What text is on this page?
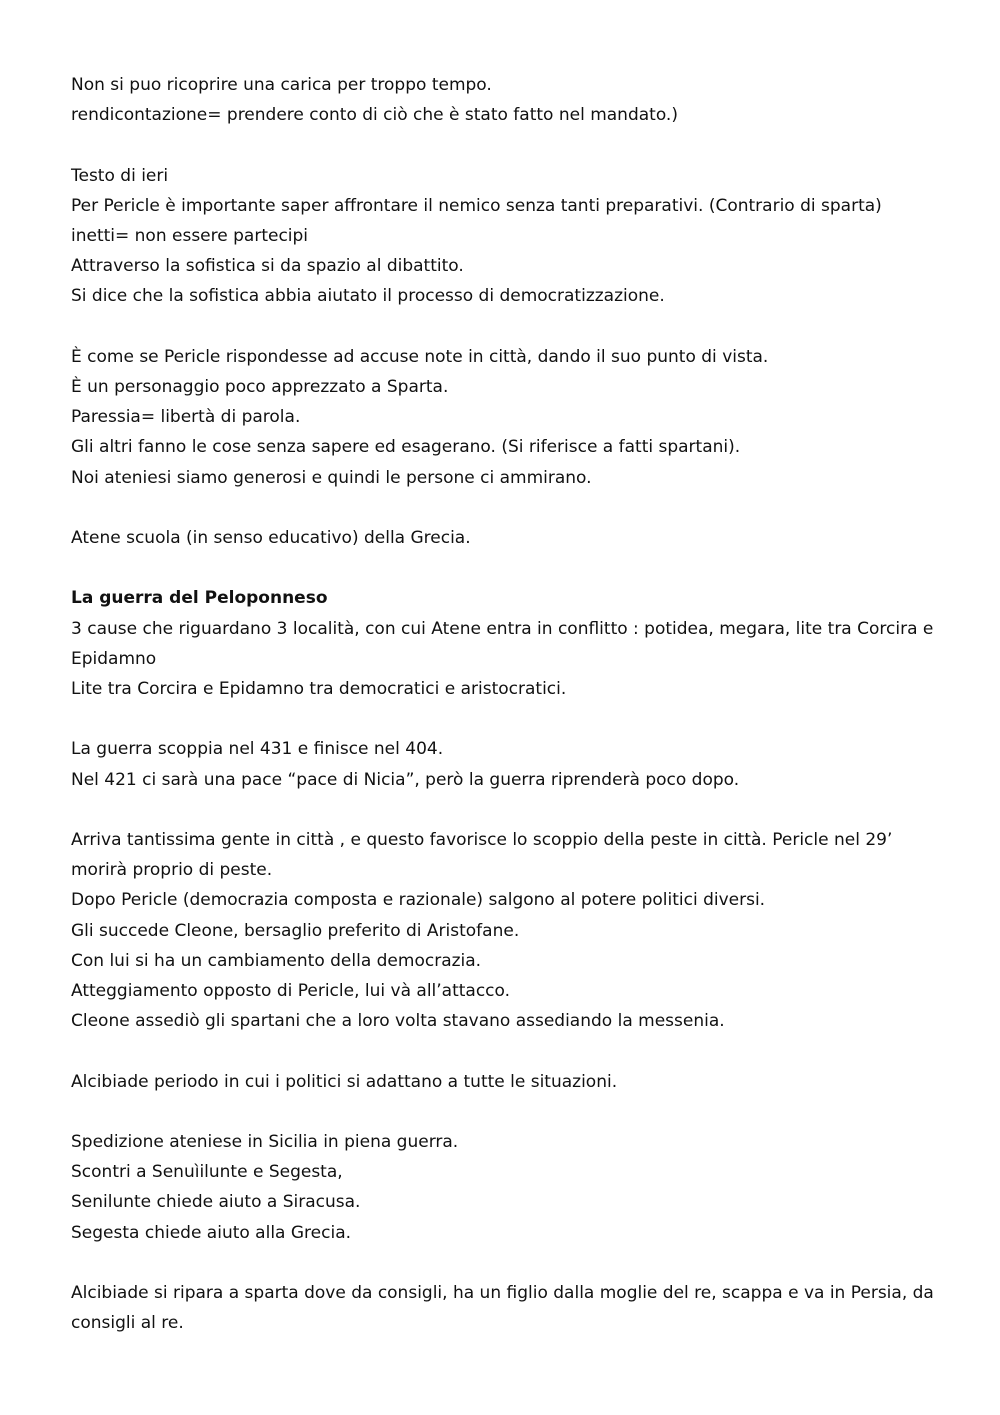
Non si puo ricoprire una carica per troppo tempo.
rendicontazione= prendere conto di ciò che è stato fatto nel mandato.)
Testo di ieri
Per Pericle è importante saper affrontare il nemico senza tanti preparativi. (Contrario di sparta)
inetti= non essere partecipi
Attraverso la sofistica si da spazio al dibattito.
Si dice che la sofistica abbia aiutato il processo di democratizzazione.
È come se Pericle rispondesse ad accuse note in città, dando il suo punto di vista.
È un personaggio poco apprezzato a Sparta.
Paressia= libertà di parola.
Gli altri fanno le cose senza sapere ed esagerano. (Si riferisce a fatti spartani).
Noi ateniesi siamo generosi e quindi le persone ci ammirano.
Atene scuola (in senso educativo) della Grecia.
La guerra del Peloponneso
3 cause che riguardano 3 località, con cui Atene entra in conflitto : potidea, megara, lite tra Corcira e Epidamno
Lite tra Corcira e Epidamno tra democratici e aristocratici.
La guerra scoppia nel 431 e finisce nel 404.
Nel 421 ci sarà una pace “pace di Nicia”, però la guerra riprenderà poco dopo.
Arriva tantissima gente in città , e questo favorisce lo scoppio della peste in città. Pericle nel 29’ morirà proprio di peste.
Dopo Pericle (democrazia composta e razionale) salgono al potere politici diversi.
Gli succede Cleone, bersaglio preferito di Aristofane.
Con lui si ha un cambiamento della democrazia.
Atteggiamento opposto di Pericle, lui và all’attacco.
Cleone assediò gli spartani che a loro volta stavano assediando la messenia.
Alcibiade periodo in cui i politici si adattano a tutte le situazioni.
Spedizione ateniese in Sicilia in piena guerra.
Scontri a Senuìilunte e Segesta,
Senilunte chiede aiuto a Siracusa.
Segesta chiede aiuto alla Grecia.
Alcibiade si ripara a sparta dove da consigli, ha un figlio dalla moglie del re, scappa e va in Persia, da consigli al re.
